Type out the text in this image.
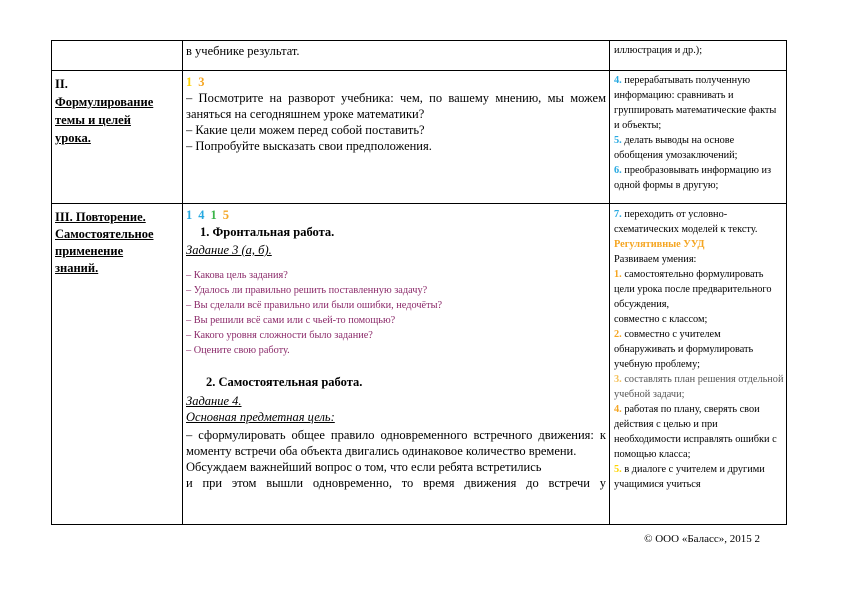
в учебнике результат.	иллюстрация и др.);
II.
Формулирование
темы и целей
урока.
1 3
– Посмотрите на разворот учебника: чем, по вашему мнению, мы можем заняться на сегодняшнем уроке математики?
– Какие цели можем перед собой поставить?
– Попробуйте высказать свои предположения.
4. перерабатывать полученную информацию: сравнивать и группировать математические факты и объекты;
5. делать выводы на основе обобщения умозаключений;
6. преобразовывать информацию из одной формы в другую;
III. Повторение.
Самостоятельное
применение
знаний.
1 4 1 5
1. Фронтальная работа.
Задание 3 (а, б).
– Какова цель задания?
– Удалось ли правильно решить поставленную задачу?
– Вы сделали всё правильно или были ошибки, недочёты?
– Вы решили всё сами или с чьей-то помощью?
– Какого уровня сложности было задание?
– Оцените свою работу.
2. Самостоятельная работа.
Задание 4.
Основная предметная цель:
– сформулировать общее правило одновременного встречного движения: к моменту встречи оба объекта двигались одинаковое количество времени.
Обсуждаем важнейший вопрос о том, что если ребята встретились
и при этом вышли одновременно, то время движения до встречи у
7. переходить от условно-схематических моделей к тексту.
Регулятивные УУД
Развиваем умения:
1. самостоятельно формулировать цели урока после предварительного обсуждения,
совместно с классом;
2. совместно с учителем обнаруживать и формулировать учебную проблему;
3. составлять план решения отдельной учебной задачи;
4. работая по плану, сверять свои действия с целью и при необходимости исправлять ошибки с помощью класса;
5. в диалоге с учителем и другими учащимися учиться
© ООО «Баласс», 2015 2
